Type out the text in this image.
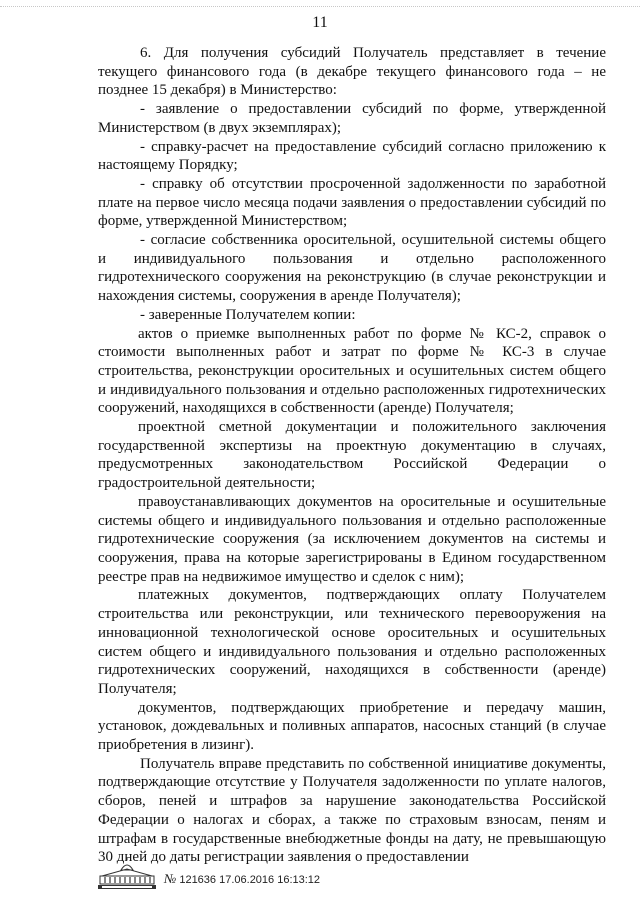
11

6. Для получения субсидий Получатель представляет в течение текущего финансового года (в декабре текущего финансового года – не позднее 15 декабря) в Министерство:

- заявление о предоставлении субсидий по форме, утвержденной Министерством (в двух экземплярах);

- справку-расчет на предоставление субсидий согласно приложению к настоящему Порядку;

- справку об отсутствии просроченной задолженности по заработной плате на первое число месяца подачи заявления о предоставлении субсидий по форме, утвержденной Министерством;

- согласие собственника оросительной, осушительной системы общего и индивидуального пользования и отдельно расположенного гидротехнического сооружения на реконструкцию (в случае реконструкции и нахождения системы, сооружения в аренде Получателя);

- заверенные Получателем копии:

актов о приемке выполненных работ по форме № КС-2, справок о стоимости выполненных работ и затрат по форме № КС-3 в случае строительства, реконструкции оросительных и осушительных систем общего и индивидуального пользования и отдельно расположенных гидротехнических сооружений, находящихся в собственности (аренде) Получателя;

проектной сметной документации и положительного заключения государственной экспертизы на проектную документацию в случаях, предусмотренных законодательством Российской Федерации о градостроительной деятельности;

правоустанавливающих документов на оросительные и осушительные системы общего и индивидуального пользования и отдельно расположенные гидротехнические сооружения (за исключением документов на системы и сооружения, права на которые зарегистрированы в Едином государственном реестре прав на недвижимое имущество и сделок с ним);

платежных документов, подтверждающих оплату Получателем строительства или реконструкции, или технического перевооружения на инновационной технологической основе оросительных и осушительных систем общего и индивидуального пользования и отдельно расположенных гидротехнических сооружений, находящихся в собственности (аренде) Получателя;

документов, подтверждающих приобретение и передачу машин, установок, дождевальных и поливных аппаратов, насосных станций (в случае приобретения в лизинг).

Получатель вправе представить по собственной инициативе документы, подтверждающие отсутствие у Получателя задолженности по уплате налогов, сборов, пеней и штрафов за нарушение законодательства Российской Федерации о налогах и сборах, а также по страховым взносам, пеням и штрафам в государственные внебюджетные фонды на дату, не превышающую 30 дней до даты регистрации заявления о предоставлении

№ 121636 17.06.2016 16:13:12
